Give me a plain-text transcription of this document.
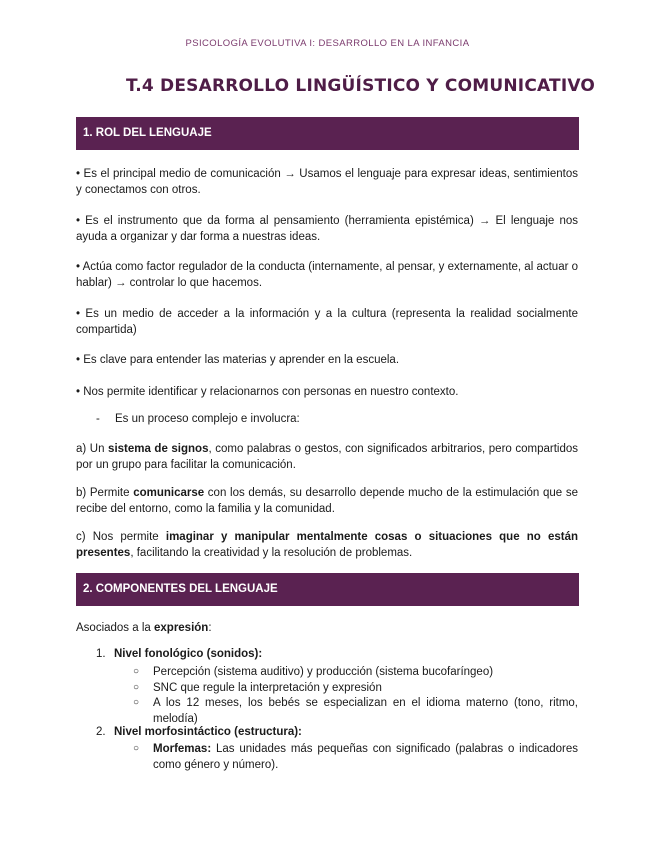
PSICOLOGÍA EVOLUTIVA I: DESARROLLO EN LA INFANCIA
T.4 DESARROLLO LINGÜÍSTICO Y COMUNICATIVO
1. ROL DEL LENGUAJE

• Es el principal medio de comunicación → Usamos el lenguaje para expresar ideas, sentimientos y conectamos con otros.

• Es el instrumento que da forma al pensamiento (herramienta epistémica) → El lenguaje nos ayuda a organizar y dar forma a nuestras ideas.

• Actúa como factor regulador de la conducta (internamente, al pensar, y externamente, al actuar o hablar) → controlar lo que hacemos.

• Es un medio de acceder a la información y a la cultura (representa la realidad socialmente compartida)

• Es clave para entender las materias y aprender en la escuela.

• Nos permite identificar y relacionarnos con personas en nuestro contexto.

- Es un proceso complejo e involucra:

a) Un sistema de signos, como palabras o gestos, con significados arbitrarios, pero compartidos por un grupo para facilitar la comunicación.

b) Permite comunicarse con los demás, su desarrollo depende mucho de la estimulación que se recibe del entorno, como la familia y la comunidad.

c) Nos permite imaginar y manipular mentalmente cosas o situaciones que no están presentes, facilitando la creatividad y la resolución de problemas.

2. COMPONENTES DEL LENGUAJE

Asociados a la expresión:

1. Nivel fonológico (sonidos):
○ Percepción (sistema auditivo) y producción (sistema bucofaríngeo)
○ SNC que regule la interpretación y expresión
○ A los 12 meses, los bebés se especializan en el idioma materno (tono, ritmo, melodía)
2. Nivel morfosintáctico (estructura):
○ Morfemas: Las unidades más pequeñas con significado (palabras o indicadores como género y número).
